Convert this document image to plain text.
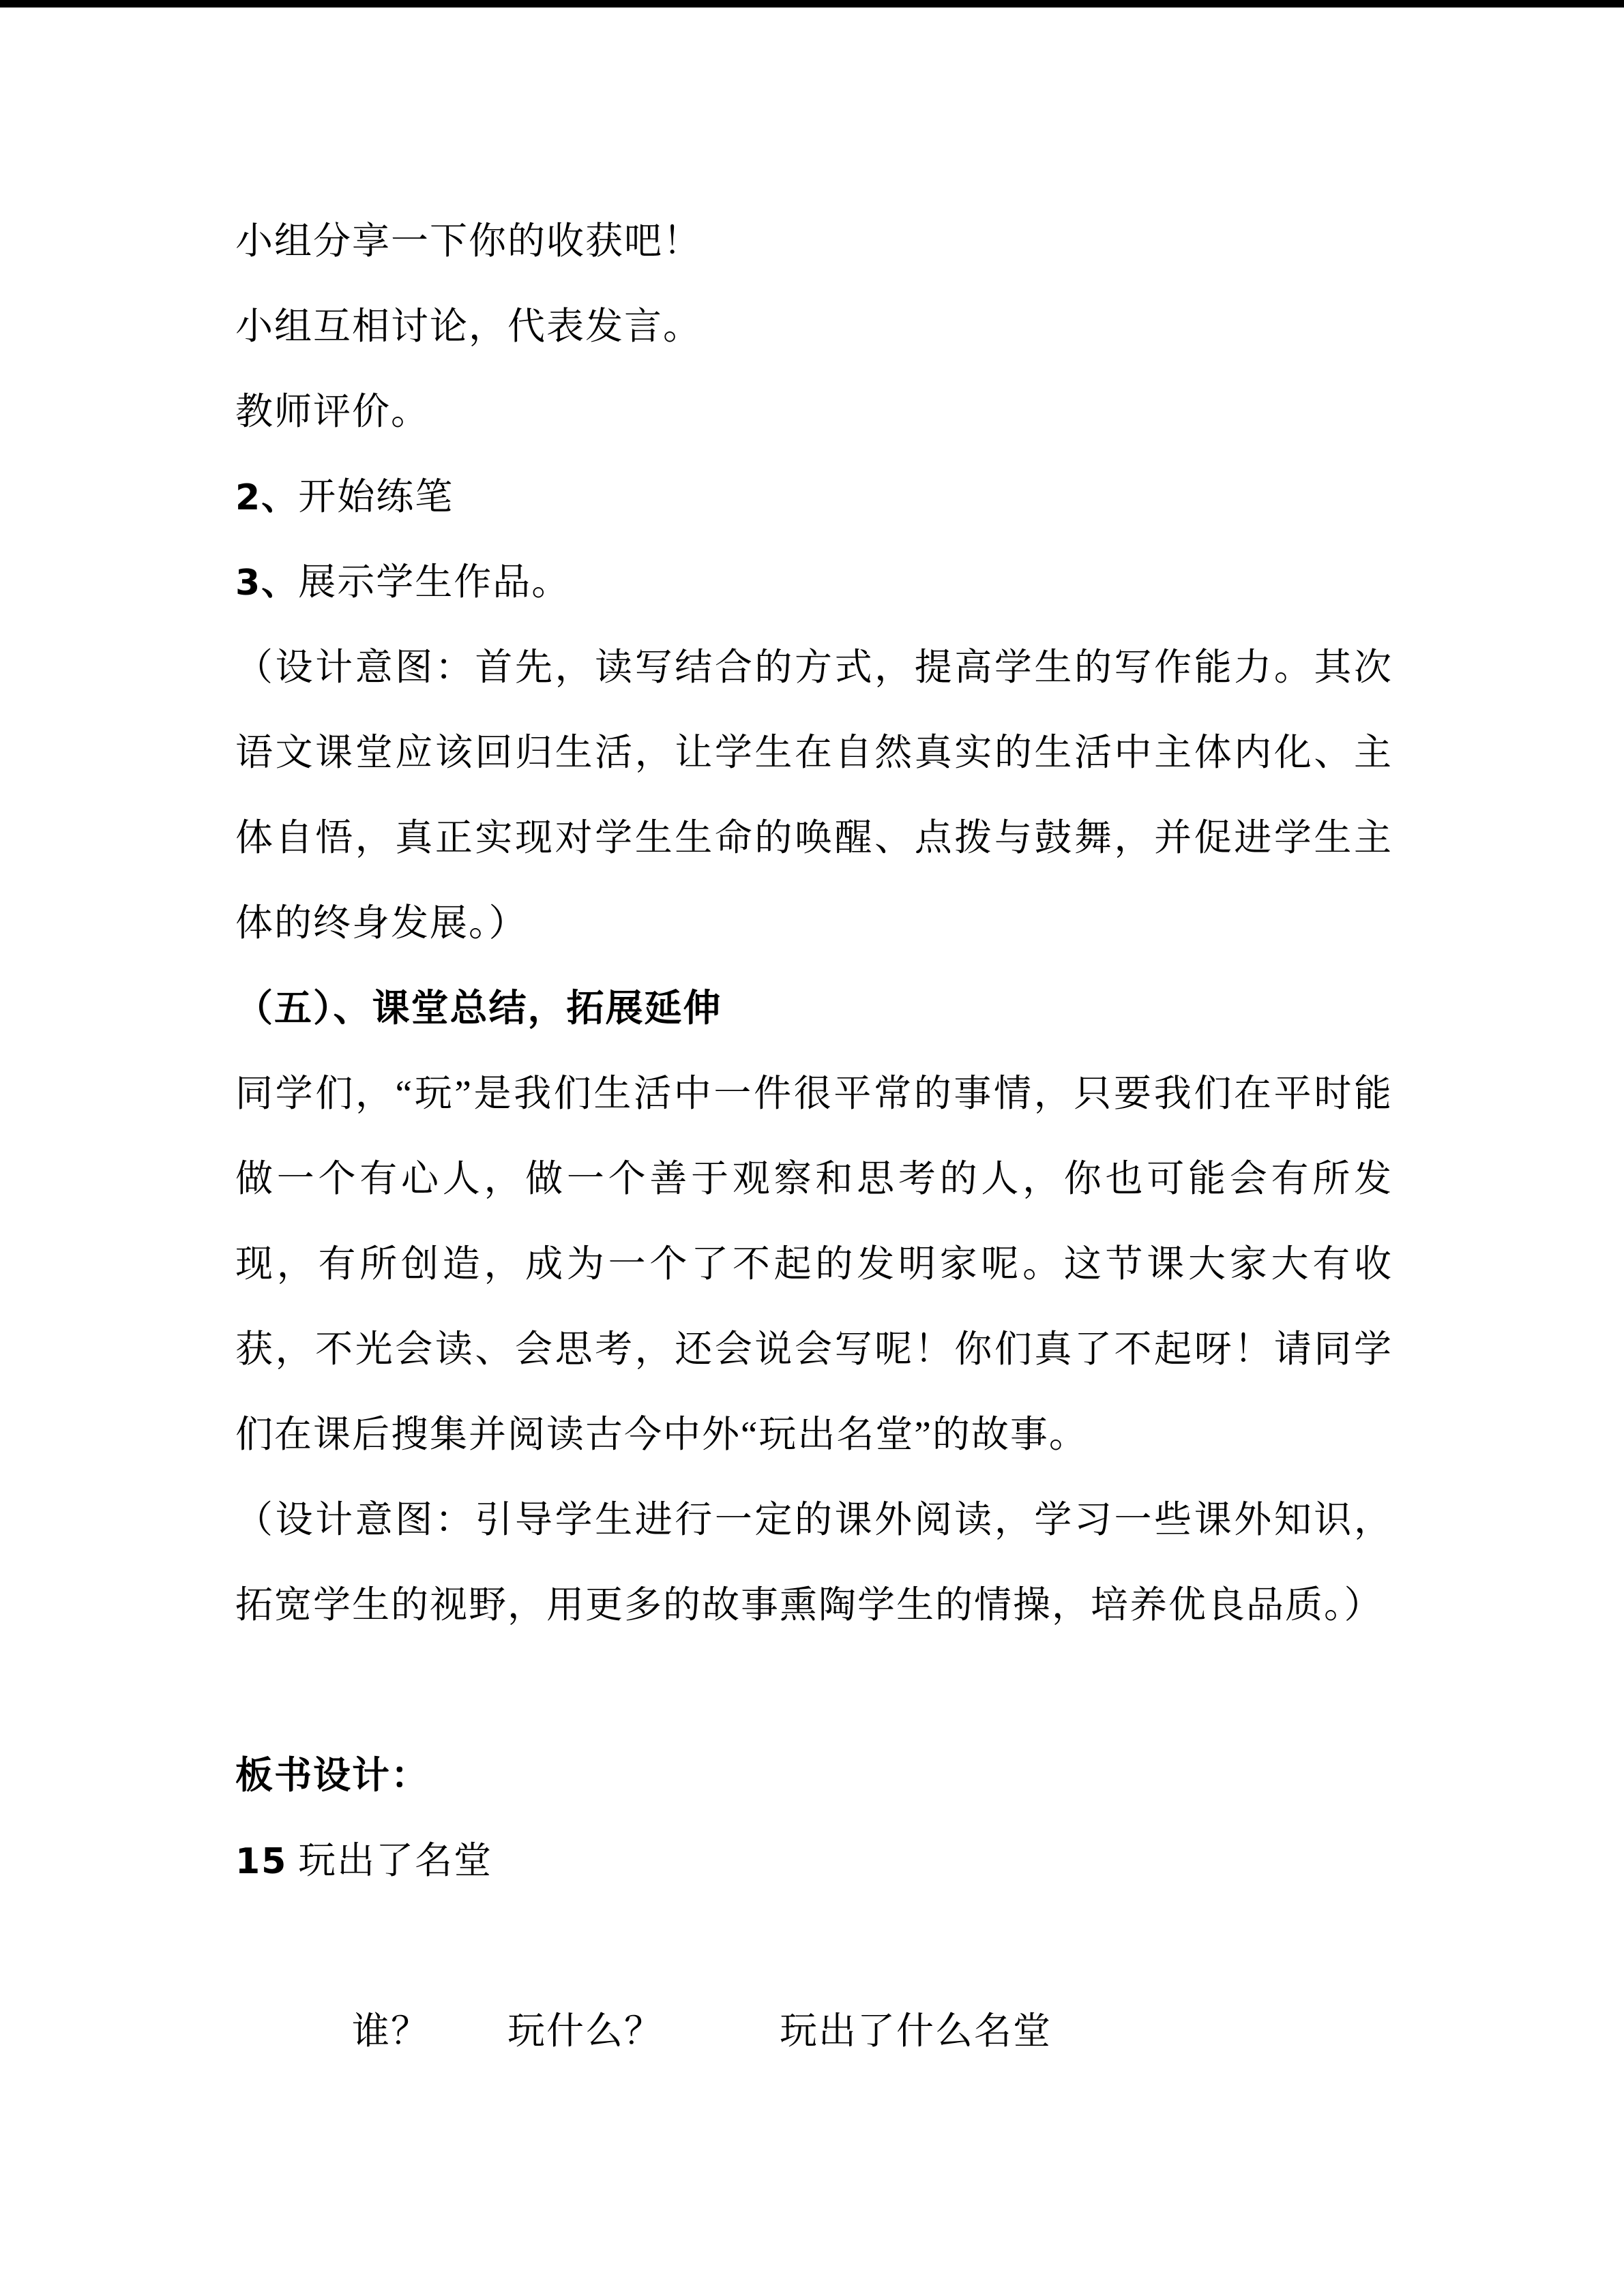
小组分享一下你的收获吧！
小组互相讨论，代表发言。
教师评价。
2、开始练笔
3、展示学生作品。
（设计意图：首先，读写结合的方式，提高学生的写作能力。其次
语文课堂应该回归生活，让学生在自然真实的生活中主体内化、主
体自悟，真正实现对学生生命的唤醒、点拨与鼓舞，并促进学生主
体的终身发展。）
（五）、课堂总结，拓展延伸
同学们，“玩”是我们生活中一件很平常的事情，只要我们在平时能
做一个有心人，做一个善于观察和思考的人，你也可能会有所发
现，有所创造，成为一个了不起的发明家呢。这节课大家大有收
获，不光会读、会思考，还会说会写呢！你们真了不起呀！请同学
们在课后搜集并阅读古今中外“玩出名堂”的故事。
（设计意图：引导学生进行一定的课外阅读，学习一些课外知识，
拓宽学生的视野，用更多的故事熏陶学生的情操，培养优良品质。）
板书设计：
15 玩出了名堂
　　　谁？　　玩什么？　　　玩出了什么名堂
